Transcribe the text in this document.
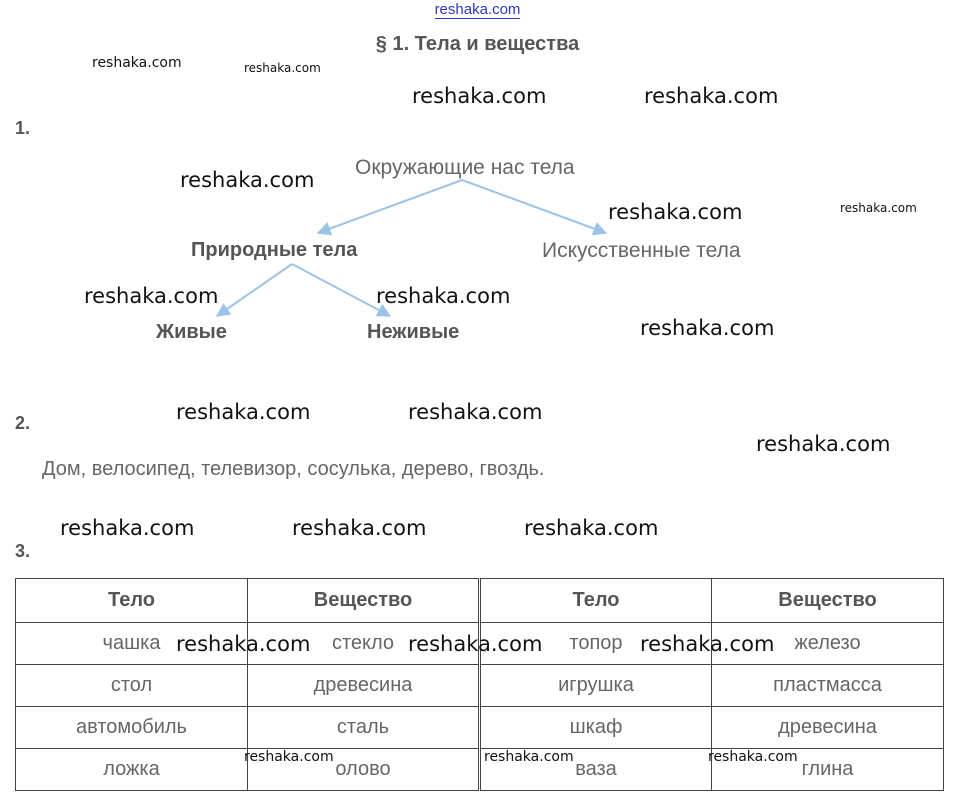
reshaka.com
§ 1. Тела и вещества
1.
Окружающие нас тела
Природные тела	Искусственные тела
Живые	Неживые
2.
Дом, велосипед, телевизор, сосулька, дерево, гвоздь.
3.
Тело	Вещество	Тело	Вещество
чашка	стекло	топор	железо
стол	древесина	игрушка	пластмасса
автомобиль	сталь	шкаф	древесина
ложка	олово	ваза	глина
reshaka.com	reshaka.com
reshaka.com	reshaka.com
reshaka.com
reshaka.com	reshaka.com
reshaka.com	reshaka.com
reshaka.com
reshaka.com	reshaka.com
reshaka.com
reshaka.com	reshaka.com	reshaka.com
reshaka.com	reshaka.com	reshaka.com
reshaka.com	reshaka.com	reshaka.com
